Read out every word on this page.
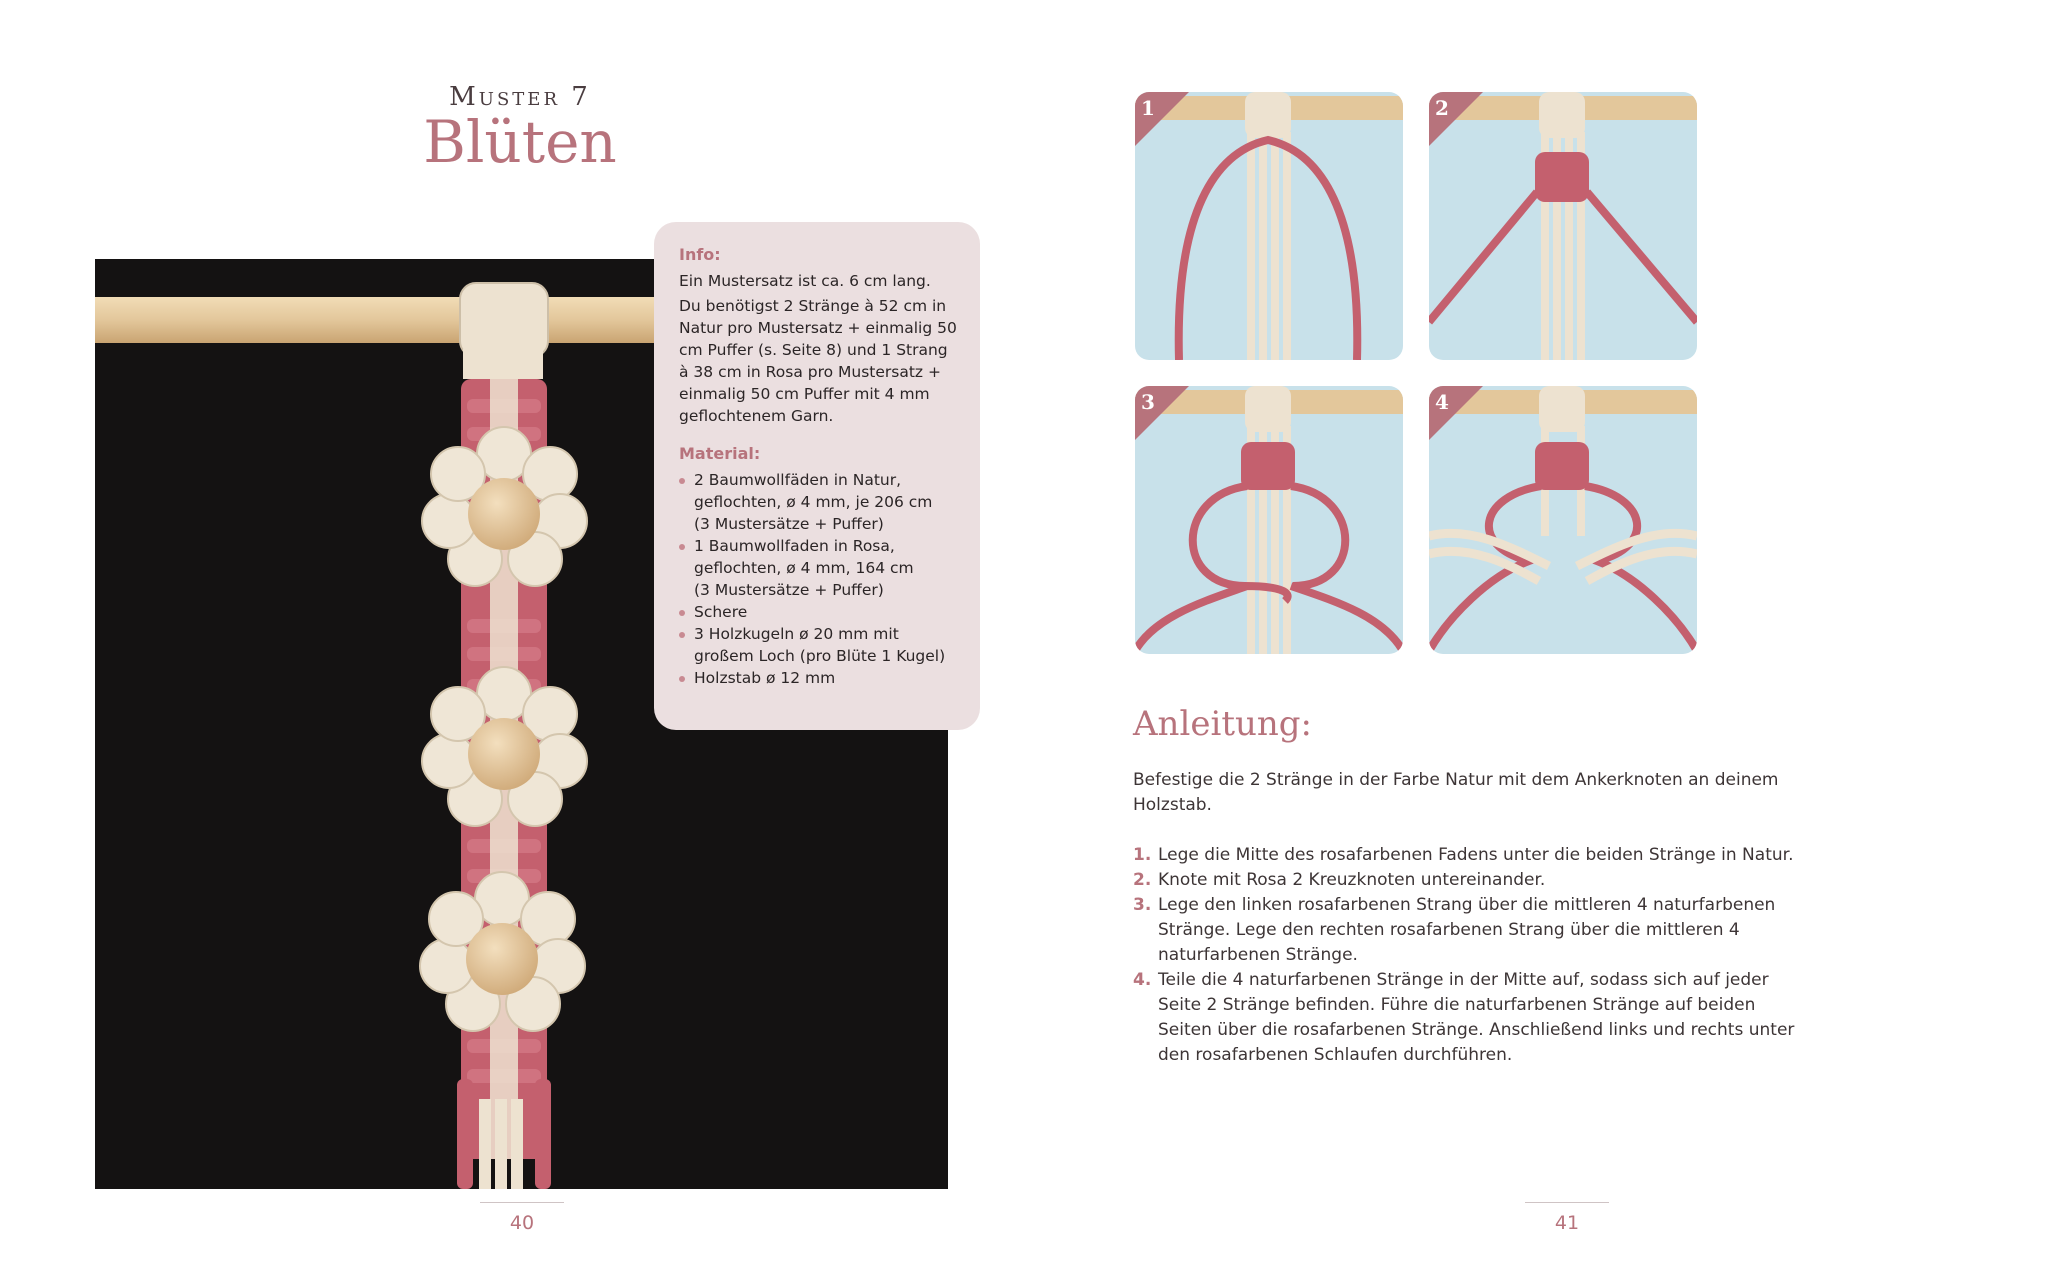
Muster 7
Blüten
Info:
Ein Mustersatz ist ca. 6 cm lang.
Du benötigst 2 Stränge à 52 cm in Natur pro Mustersatz + einmalig 50 cm Puffer (s. Seite 8) und 1 Strang à 38 cm in Rosa pro Mustersatz + einmalig 50 cm Puffer mit 4 mm geflochtenem Garn.
Material:
2 Baumwollfäden in Natur,
geflochten, ø 4 mm, je 206 cm
(3 Mustersätze + Puffer)
1 Baumwollfaden in Rosa,
geflochten, ø 4 mm, 164 cm
(3 Mustersätze + Puffer)
Schere
3 Holzkugeln ø 20 mm mit
großem Loch (pro Blüte 1 Kugel)
Holzstab ø 12 mm
40
1	2
3	4
Anleitung:
Befestige die 2 Stränge in der Farbe Natur mit dem Ankerknoten an deinem Holzstab.
1. Lege die Mitte des rosafarbenen Fadens unter die beiden Stränge in Natur.
2. Knote mit Rosa 2 Kreuzknoten untereinander.
3. Lege den linken rosafarbenen Strang über die mittleren 4 naturfarbenen Stränge. Lege den rechten rosafarbenen Strang über die mittleren 4 naturfarbenen Stränge.
4. Teile die 4 naturfarbenen Stränge in der Mitte auf, sodass sich auf jeder Seite 2 Stränge befinden. Führe die naturfarbenen Stränge auf beiden Seiten über die rosafarbenen Stränge. Anschließend links und rechts unter den rosafarbenen Schlaufen durchführen.
41
